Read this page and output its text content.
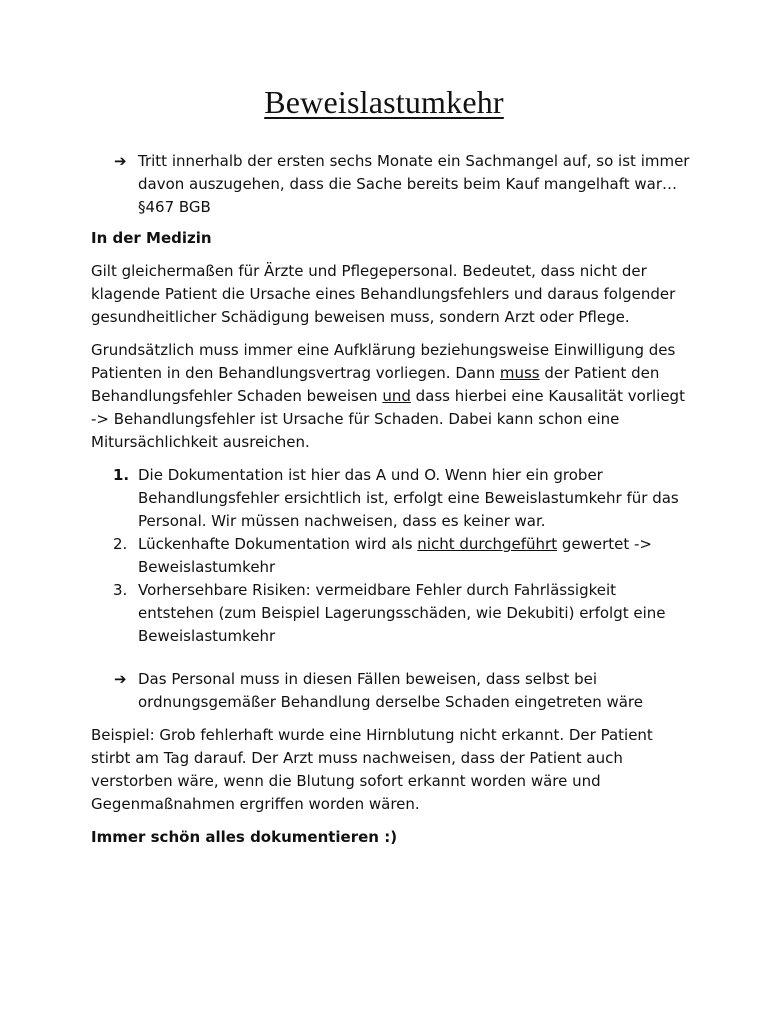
Beweislastumkehr
➔ Tritt innerhalb der ersten sechs Monate ein Sachmangel auf, so ist immer davon auszugehen, dass die Sache bereits beim Kauf mangelhaft war… §467 BGB

In der Medizin

Gilt gleichermaßen für Ärzte und Pflegepersonal. Bedeutet, dass nicht der klagende Patient die Ursache eines Behandlungsfehlers und daraus folgender gesundheitlicher Schädigung beweisen muss, sondern Arzt oder Pflege.

Grundsätzlich muss immer eine Aufklärung beziehungsweise Einwilligung des Patienten in den Behandlungsvertrag vorliegen. Dann muss der Patient den Behandlungsfehler Schaden beweisen und dass hierbei eine Kausalität vorliegt -> Behandlungsfehler ist Ursache für Schaden. Dabei kann schon eine Mitursächlichkeit ausreichen.

1. Die Dokumentation ist hier das A und O. Wenn hier ein grober Behandlungsfehler ersichtlich ist, erfolgt eine Beweislastumkehr für das Personal. Wir müssen nachweisen, dass es keiner war.

2. Lückenhafte Dokumentation wird als nicht durchgeführt gewertet -> Beweislastumkehr

3. Vorhersehbare Risiken: vermeidbare Fehler durch Fahrlässigkeit entstehen (zum Beispiel Lagerungsschäden, wie Dekubiti) erfolgt eine Beweislastumkehr

➔ Das Personal muss in diesen Fällen beweisen, dass selbst bei ordnungsgemäßer Behandlung derselbe Schaden eingetreten wäre

Beispiel: Grob fehlerhaft wurde eine Hirnblutung nicht erkannt. Der Patient stirbt am Tag darauf. Der Arzt muss nachweisen, dass der Patient auch verstorben wäre, wenn die Blutung sofort erkannt worden wäre und Gegenmaßnahmen ergriffen worden wären.

Immer schön alles dokumentieren :)
